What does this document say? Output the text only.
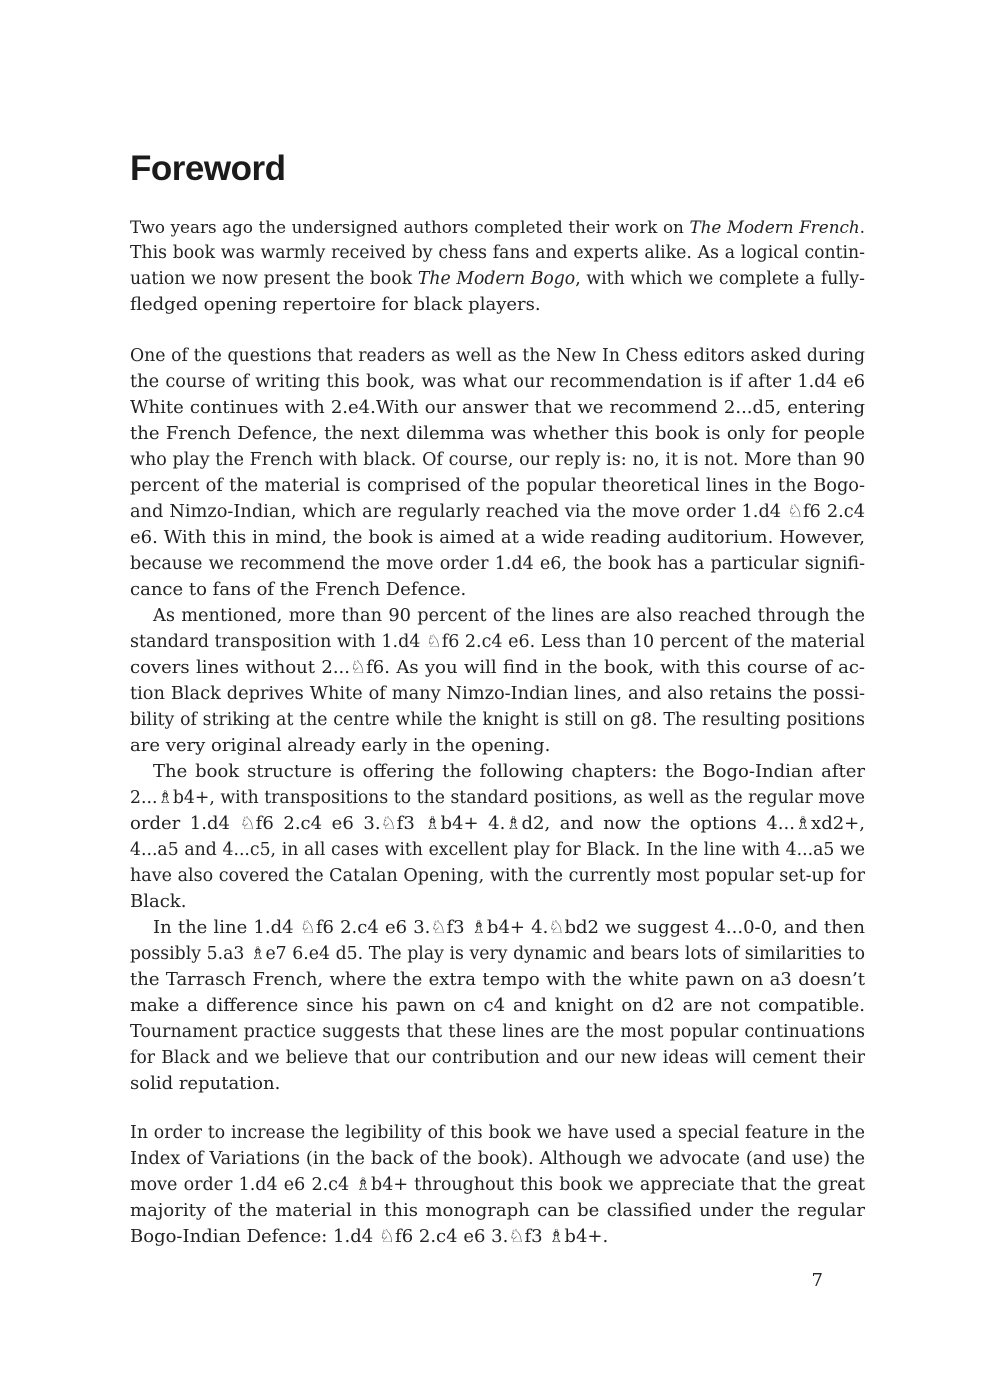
Foreword
Two years ago the undersigned authors completed their work on The Modern French.
This book was warmly received by chess fans and experts alike. As a logical contin-
uation we now present the book The Modern Bogo, with which we complete a fully-
fledged opening repertoire for black players.
One of the questions that readers as well as the New In Chess editors asked during
the course of writing this book, was what our recommendation is if after 1.d4 e6
White continues with 2.e4.With our answer that we recommend 2...d5, entering
the French Defence, the next dilemma was whether this book is only for people
who play the French with black. Of course, our reply is: no, it is not. More than 90
percent of the material is comprised of the popular theoretical lines in the Bogo-
and Nimzo-Indian, which are regularly reached via the move order 1.d4 ♘f6 2.c4
e6. With this in mind, the book is aimed at a wide reading auditorium. However,
because we recommend the move order 1.d4 e6, the book has a particular signifi-
cance to fans of the French Defence.
As mentioned, more than 90 percent of the lines are also reached through the
standard transposition with 1.d4 ♘f6 2.c4 e6. Less than 10 percent of the material
covers lines without 2...♘f6. As you will find in the book, with this course of ac-
tion Black deprives White of many Nimzo-Indian lines, and also retains the possi-
bility of striking at the centre while the knight is still on g8. The resulting positions
are very original already early in the opening.
The book structure is offering the following chapters: the Bogo-Indian after
2...♗b4+, with transpositions to the standard positions, as well as the regular move
order 1.d4 ♘f6 2.c4 e6 3.♘f3 ♗b4+ 4.♗d2, and now the options 4...♗xd2+,
4...a5 and 4...c5, in all cases with excellent play for Black. In the line with 4...a5 we
have also covered the Catalan Opening, with the currently most popular set-up for
Black.
In the line 1.d4 ♘f6 2.c4 e6 3.♘f3 ♗b4+ 4.♘bd2 we suggest 4...0-0, and then
possibly 5.a3 ♗e7 6.e4 d5. The play is very dynamic and bears lots of similarities to
the Tarrasch French, where the extra tempo with the white pawn on a3 doesn’t
make a difference since his pawn on c4 and knight on d2 are not compatible.
Tournament practice suggests that these lines are the most popular continuations
for Black and we believe that our contribution and our new ideas will cement their
solid reputation.
In order to increase the legibility of this book we have used a special feature in the
Index of Variations (in the back of the book). Although we advocate (and use) the
move order 1.d4 e6 2.c4 ♗b4+ throughout this book we appreciate that the great
majority of the material in this monograph can be classified under the regular
Bogo-Indian Defence: 1.d4 ♘f6 2.c4 e6 3.♘f3 ♗b4+.
7
